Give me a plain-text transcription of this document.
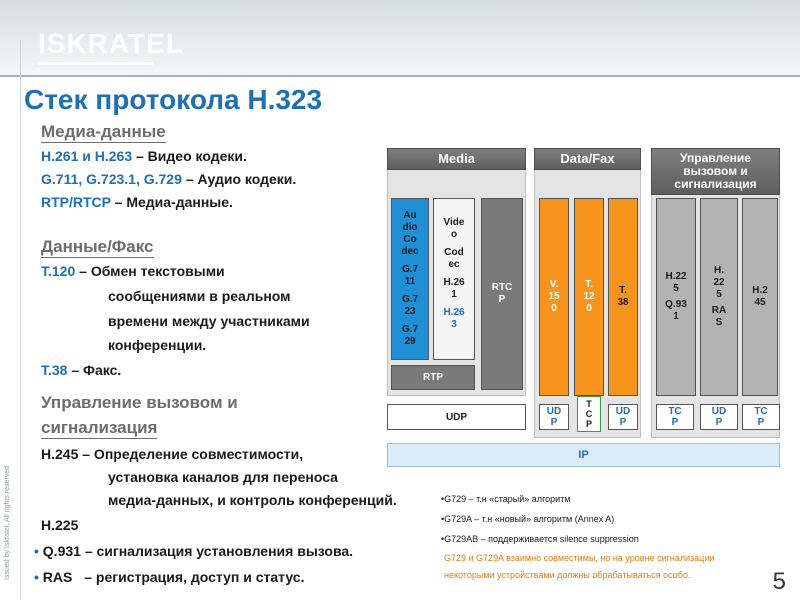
ISKRATEL
Issued by Iskratel, All rights reserved
Стек протокола H.323
Медиа-данные
H.261 и H.263 – Видео кодеки.
G.711, G.723.1, G.729 – Аудио кодеки.
RTP/RTCP – Медиа-данные.
Данные/Факс
T.120 – Обмен текстовыми
сообщениями в реальном
времени между участниками
конференции.
T.38 – Факс.
Управление вызовом и
сигнализация
H.245 – Определение совместимости,
установка каналов для переноса
медиа-данных, и контроль конференций.
H.225
• Q.931 – сигнализация установления вызова.
• RAS – регистрация, доступ и статус.
Media	Data/Fax	Управление вызовом и сигнализация
Au
dio
Co
dec
G.7
11
G.7
23
G.7
29
Vide
o
Cod
ec
H.26
1
H.26
3
RTC
P
RTP
UDP
V.
15
0
T.
12
0
T.
38
UD
P
T
C
P
UD
P
H.22
5
Q.93
1
H.
22
5
RA
S
H.2
45
TC
P
UD
P
TC
P
IP
•G729 – т.н «старый» алгоритм
•G729A – т.н «новый» алгоритм (Annex A)
•G729AB – поддерживается silence suppression
G729 и G729A взаимно совместимы, но на уровне сигнализации
некоторыми устройствами должны обрабатываться особо.	5
